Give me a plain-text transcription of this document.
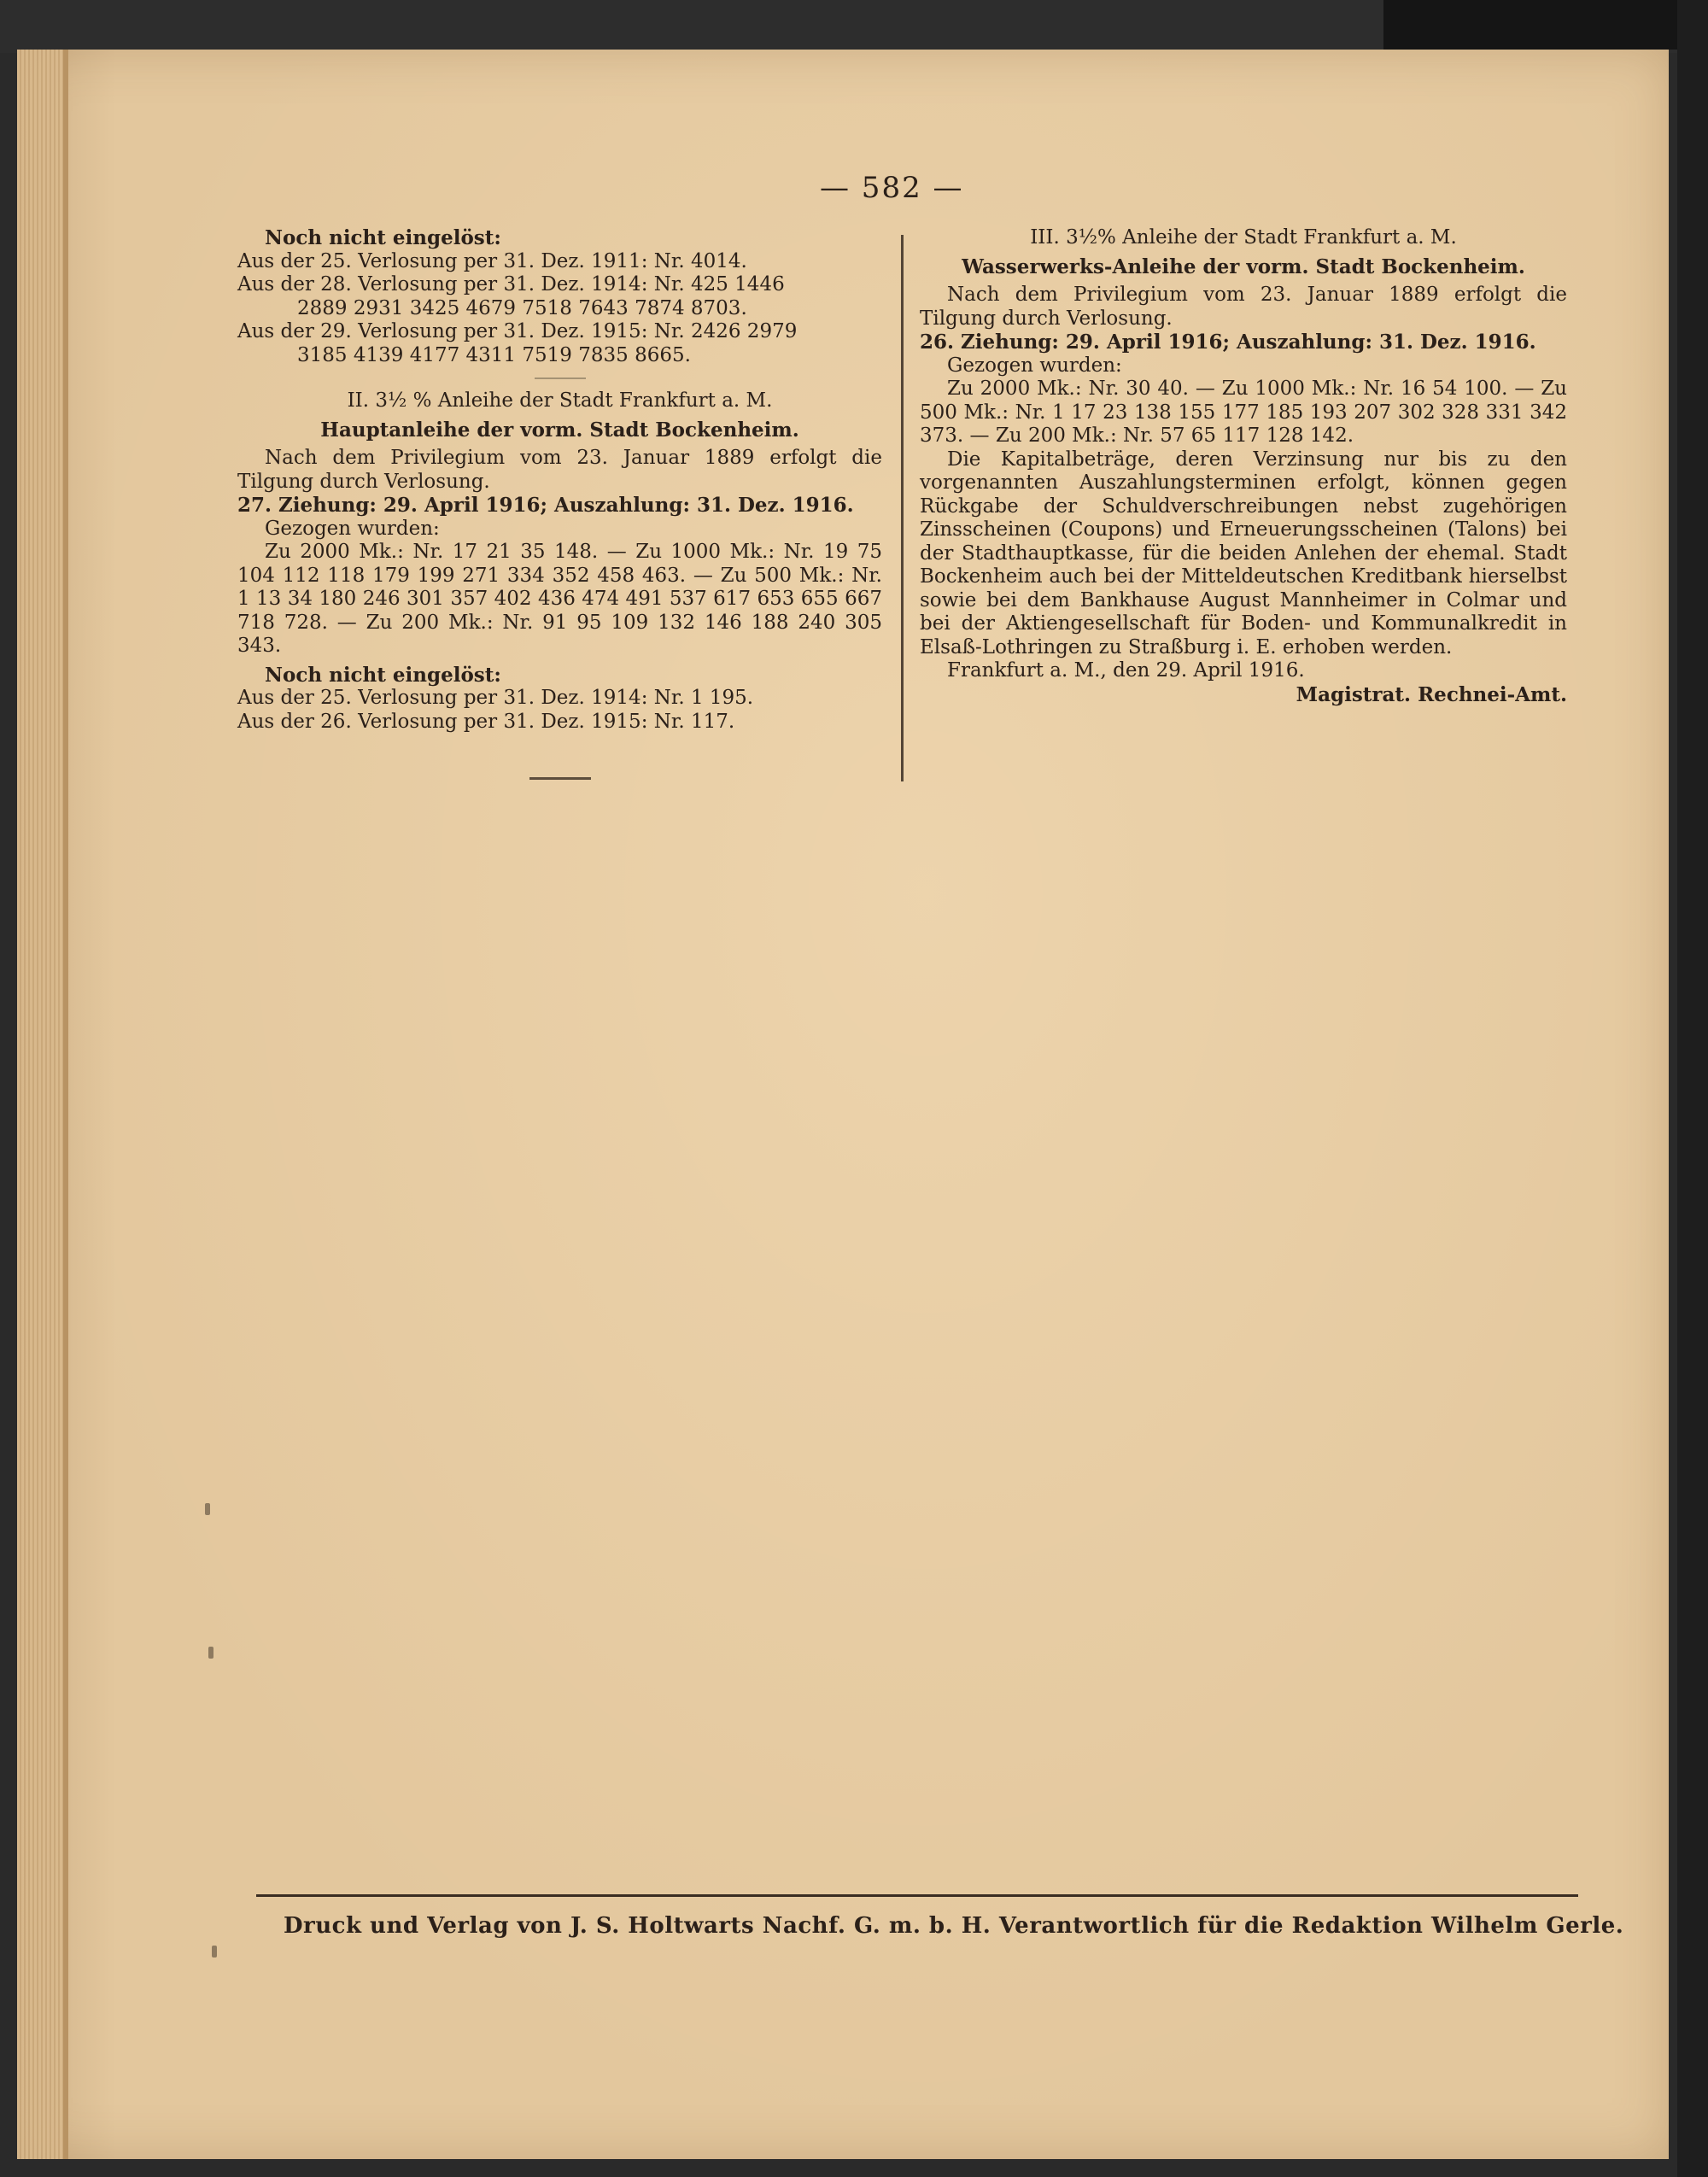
— 582 —

Noch nicht eingelöst:

Aus der 25. Verlosung per 31. Dez. 1911: Nr. 4014.

Aus der 28. Verlosung per 31. Dez. 1914: Nr. 425 1446

2889 2931 3425 4679 7518 7643 7874 8703.

Aus der 29. Verlosung per 31. Dez. 1915: Nr. 2426 2979

3185 4139 4177 4311 7519 7835 8665.

II. 3½ % Anleihe der Stadt Frankfurt a. M.

Hauptanleihe der vorm. Stadt Bockenheim.

Nach dem Privilegium vom 23. Januar 1889 erfolgt die Tilgung durch Verlosung.

27. Ziehung: 29. April 1916; Auszahlung: 31. Dez. 1916.

Gezogen wurden:

Zu 2000 Mk.: Nr. 17 21 35 148. — Zu 1000 Mk.: Nr. 19 75 104 112 118 179 199 271 334 352 458 463. — Zu 500 Mk.: Nr. 1 13 34 180 246 301 357 402 436 474 491 537 617 653 655 667 718 728. — Zu 200 Mk.: Nr. 91 95 109 132 146 188 240 305 343.

Noch nicht eingelöst:

Aus der 25. Verlosung per 31. Dez. 1914: Nr. 1 195.

Aus der 26. Verlosung per 31. Dez. 1915: Nr. 117.

III. 3½% Anleihe der Stadt Frankfurt a. M.

Wasserwerks-Anleihe der vorm. Stadt Bockenheim.

Nach dem Privilegium vom 23. Januar 1889 erfolgt die Tilgung durch Verlosung.

26. Ziehung: 29. April 1916; Auszahlung: 31. Dez. 1916.

Gezogen wurden:

Zu 2000 Mk.: Nr. 30 40. — Zu 1000 Mk.: Nr. 16 54 100. — Zu 500 Mk.: Nr. 1 17 23 138 155 177 185 193 207 302 328 331 342 373. — Zu 200 Mk.: Nr. 57 65 117 128 142.

Die Kapitalbeträge, deren Verzinsung nur bis zu den vorgenannten Auszahlungsterminen erfolgt, können gegen Rückgabe der Schuldverschreibungen nebst zugehörigen Zinsscheinen (Coupons) und Erneuerungsscheinen (Talons) bei der Stadthauptkasse, für die beiden Anlehen der ehemal. Stadt Bockenheim auch bei der Mitteldeutschen Kreditbank hierselbst sowie bei dem Bankhause August Mannheimer in Colmar und bei der Aktiengesellschaft für Boden- und Kommunalkredit in Elsaß-Lothringen zu Straßburg i. E. erhoben werden.

Frankfurt a. M., den 29. April 1916.

Magistrat. Rechnei-Amt.

Druck und Verlag von J. S. Holtwarts Nachf. G. m. b. H. Verantwortlich für die Redaktion Wilhelm Gerle.
